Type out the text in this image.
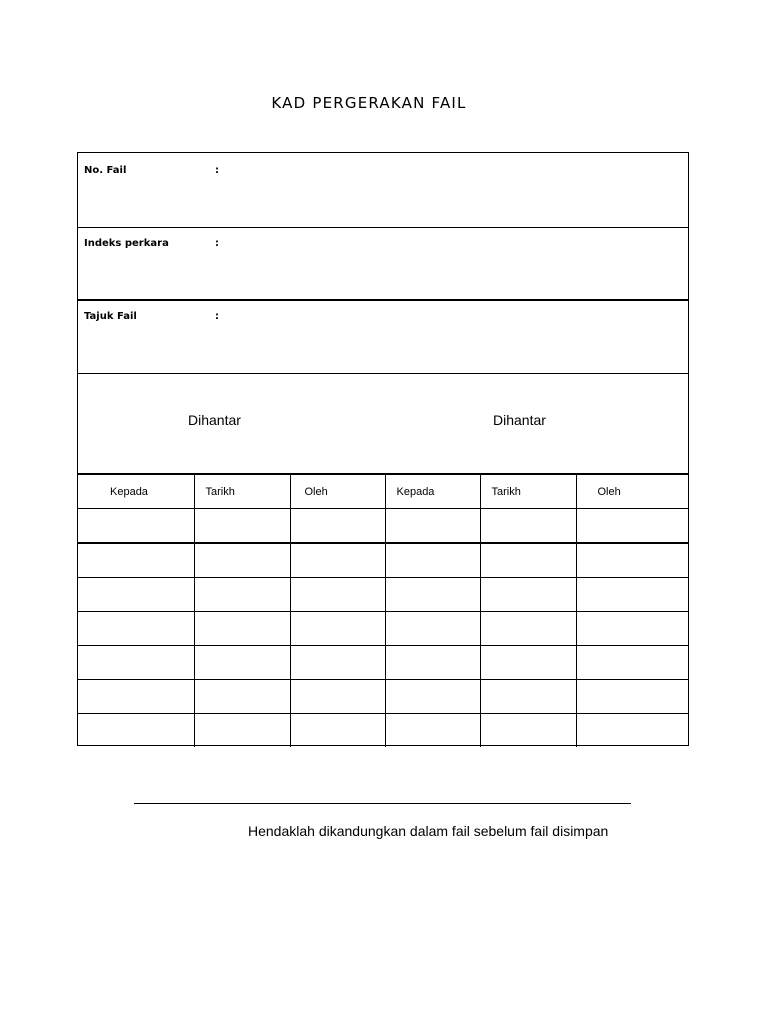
KAD PERGERAKAN FAIL
No. Fail	:
Indeks perkara	:
Tajuk Fail	:
Dihantar	Dihantar
Kepada	Tarikh	Oleh	Kepada	Tarikh	Oleh

Hendaklah dikandungkan dalam fail sebelum fail disimpan
